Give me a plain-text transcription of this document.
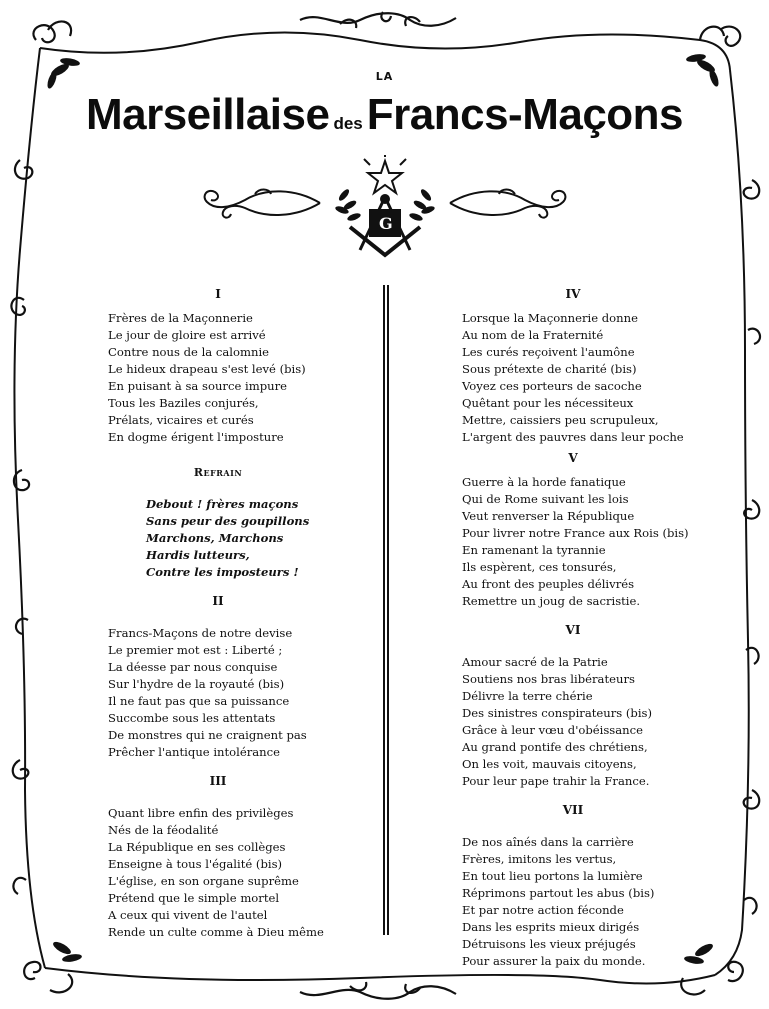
LA
Marseillaise desFrancs-Maçons
G
I
Frères de la Maçonnerie
Le jour de gloire est arrivé
Contre nous de la calomnie
Le hideux drapeau s'est levé (bis)
En puisant à sa source impure
Tous les Baziles conjurés,
Prélats, vicaires et curés
En dogme érigent l'imposture
Refrain
Debout ! frères maçons
Sans peur des goupillons
Marchons, Marchons
Hardis lutteurs,
Contre les imposteurs !
II
Francs-Maçons de notre devise
Le premier mot est : Liberté ;
La déesse par nous conquise
Sur l'hydre de la royauté (bis)
Il ne faut pas que sa puissance
Succombe sous les attentats
De monstres qui ne craignent pas
Prêcher l'antique intolérance
III
Quant libre enfin des privilèges
Nés de la féodalité
La République en ses collèges
Enseigne à tous l'égalité (bis)
L'église, en son organe suprême
Prétend que le simple mortel
A ceux qui vivent de l'autel
Rende un culte comme à Dieu même
IV
Lorsque la Maçonnerie donne
Au nom de la Fraternité
Les curés reçoivent l'aumône
Sous prétexte de charité (bis)
Voyez ces porteurs de sacoche
Quêtant pour les nécessiteux
Mettre, caissiers peu scrupuleux,
L'argent des pauvres dans leur poche
V
Guerre à la horde fanatique
Qui de Rome suivant les lois
Veut renverser la République
Pour livrer notre France aux Rois (bis)
En ramenant la tyrannie
Ils espèrent, ces tonsurés,
Au front des peuples délivrés
Remettre un joug de sacristie.
VI
Amour sacré de la Patrie
Soutiens nos bras libérateurs
Délivre la terre chérie
Des sinistres conspirateurs (bis)
Grâce à leur vœu d'obéissance
Au grand pontife des chrétiens,
On les voit, mauvais citoyens,
Pour leur pape trahir la France.
VII
De nos aînés dans la carrière
Frères, imitons les vertus,
En tout lieu portons la lumière
Réprimons partout les abus (bis)
Et par notre action féconde
Dans les esprits mieux dirigés
Détruisons les vieux préjugés
Pour assurer la paix du monde.
